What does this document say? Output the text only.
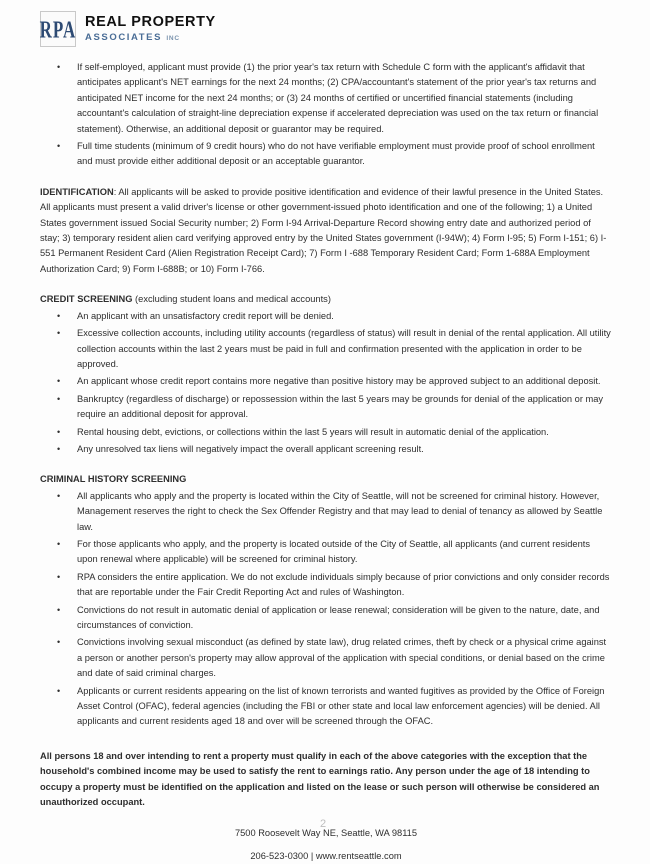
RPA REAL PROPERTY
ASSOCIATES INC
• If self-employed, applicant must provide (1) the prior year's tax return with Schedule C form with the applicant's affidavit that anticipates applicant's NET earnings for the next 24 months; (2) CPA/accountant's statement of the prior year's tax returns and anticipated NET income for the next 24 months; or (3) 24 months of certified or uncertified financial statements (including accountant's calculation of straight-line depreciation expense if accelerated depreciation was used on the tax return or financial statement). Otherwise, an additional deposit or guarantor may be required.
• Full time students (minimum of 9 credit hours) who do not have verifiable employment must provide proof of school enrollment and must provide either additional deposit or an acceptable guarantor.

IDENTIFICATION: All applicants will be asked to provide positive identification and evidence of their lawful presence in the United States. All applicants must present a valid driver's license or other government-issued photo identification and one of the following; 1) a United States government issued Social Security number; 2) Form I-94 Arrival-Departure Record showing entry date and authorized period of stay; 3) temporary resident alien card verifying approved entry by the United States government (I-94W); 4) Form I-95; 5) Form I-151; 6) I-551 Permanent Resident Card (Alien Registration Receipt Card); 7) Form I -688 Temporary Resident Card; Form 1-688A Employment Authorization Card; 9) Form I-688B; or 10) Form I-766.

CREDIT SCREENING (excluding student loans and medical accounts)

• An applicant with an unsatisfactory credit report will be denied.
• Excessive collection accounts, including utility accounts (regardless of status) will result in denial of the rental application. All utility collection accounts within the last 2 years must be paid in full and confirmation presented with the application in order to be approved.
• An applicant whose credit report contains more negative than positive history may be approved subject to an additional deposit.
• Bankruptcy (regardless of discharge) or repossession within the last 5 years may be grounds for denial of the application or may require an additional deposit for approval.
• Rental housing debt, evictions, or collections within the last 5 years will result in automatic denial of the application.
• Any unresolved tax liens will negatively impact the overall applicant screening result.

CRIMINAL HISTORY SCREENING

• All applicants who apply and the property is located within the City of Seattle, will not be screened for criminal history. However, Management reserves the right to check the Sex Offender Registry and that may lead to denial of tenancy as allowed by Seattle law.
• For those applicants who apply, and the property is located outside of the City of Seattle, all applicants (and current residents upon renewal where applicable) will be screened for criminal history.
• RPA considers the entire application. We do not exclude individuals simply because of prior convictions and only consider records that are reportable under the Fair Credit Reporting Act and rules of Washington.
• Convictions do not result in automatic denial of application or lease renewal; consideration will be given to the nature, date, and circumstances of conviction.
• Convictions involving sexual misconduct (as defined by state law), drug related crimes, theft by check or a physical crime against a person or another person's property may allow approval of the application with special conditions, or denial based on the crime and date of said criminal charges.
• Applicants or current residents appearing on the list of known terrorists and wanted fugitives as provided by the Office of Foreign Asset Control (OFAC), federal agencies (including the FBI or other state and local law enforcement agencies) will be denied. All applicants and current residents aged 18 and over will be screened through the OFAC.

All persons 18 and over intending to rent a property must qualify in each of the above categories with the exception that the household's combined income may be used to satisfy the rent to earnings ratio. Any person under the age of 18 intending to occupy a property must be identified on the application and listed on the lease or such person will otherwise be considered an unauthorized occupant.

7500 Roosevelt Way NE, Seattle, WA 98115

206-523-0300 | www.rentseattle.com

2
